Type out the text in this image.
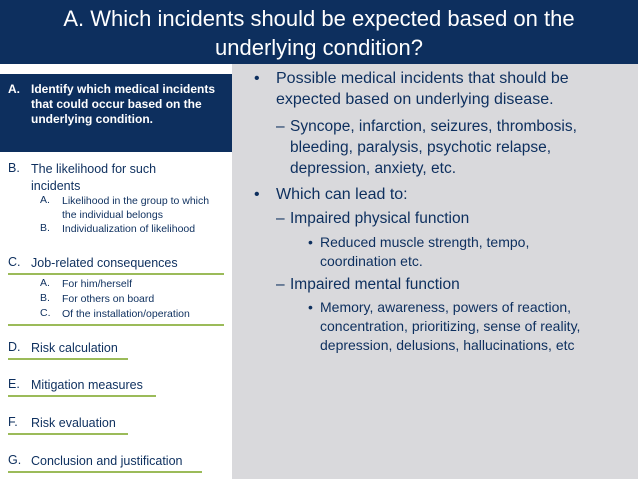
A. Which incidents should be expected based on the
underlying condition?
A. Identify which medical incidents that could occur based on the underlying condition.
B. The likelihood for such incidents
A. Likelihood in the group to which the individual belongs
B. Individualization of likelihood
C. Job-related consequences
A. For him/herself
B. For others on board
C. Of the installation/operation
D. Risk calculation
E. Mitigation measures
F. Risk evaluation
G. Conclusion and justification
• Possible medical incidents that should be expected based on underlying disease.
– Syncope, infarction, seizures, thrombosis, bleeding, paralysis, psychotic relapse, depression, anxiety, etc.
• Which can lead to:
– Impaired physical function
• Reduced muscle strength, tempo, coordination etc.
– Impaired mental function
• Memory, awareness, powers of reaction, concentration, prioritizing, sense of reality, depression, delusions, hallucinations, etc
